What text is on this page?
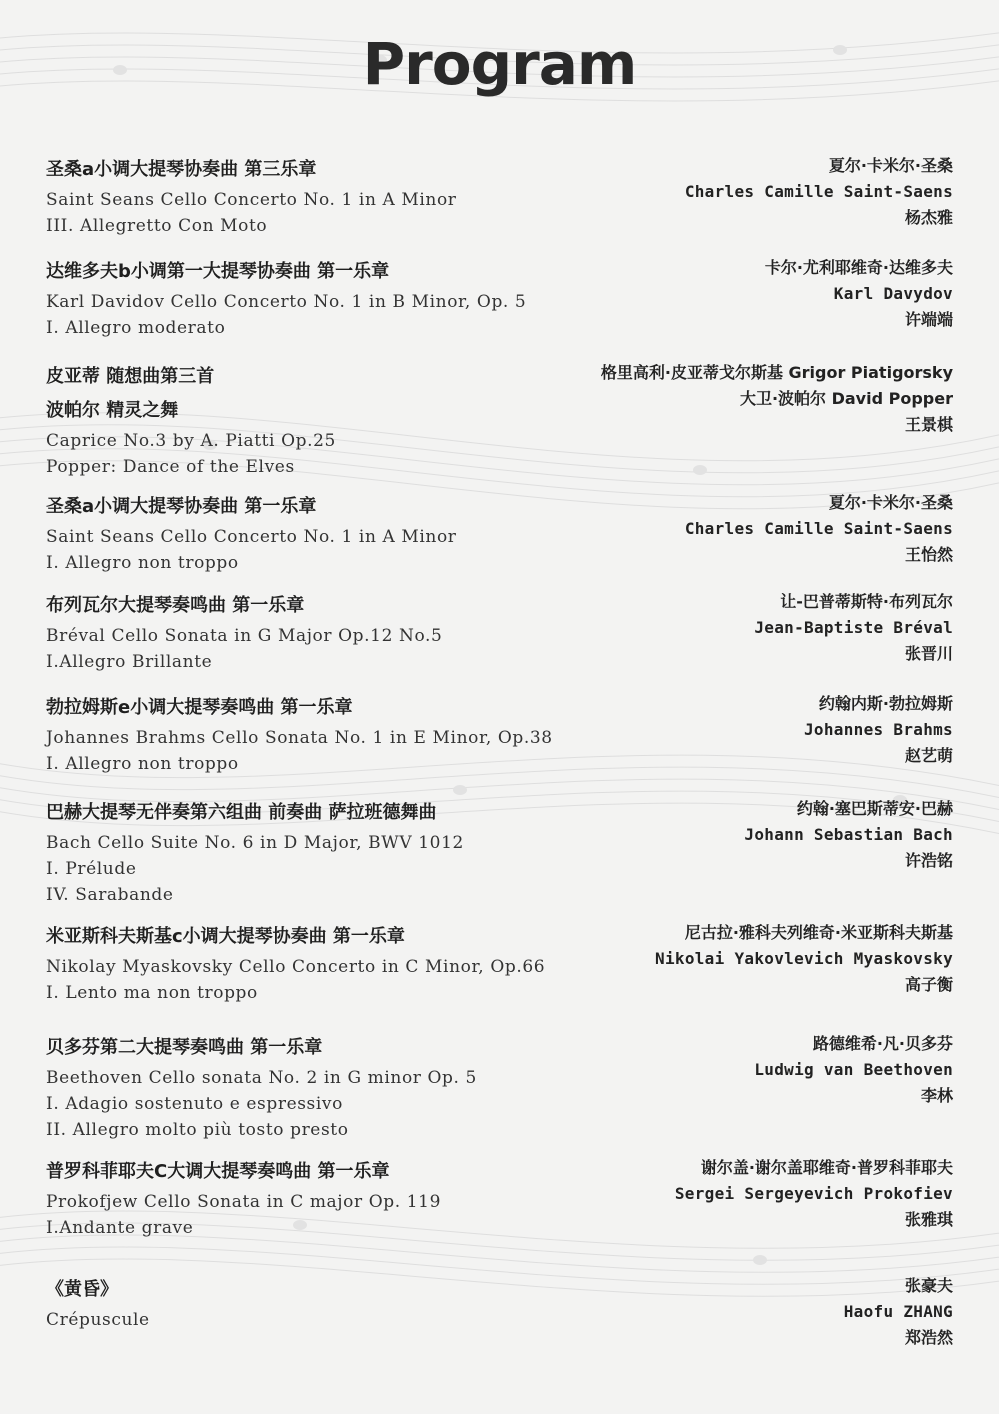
Program
圣桑a小调大提琴协奏曲 第三乐章
Saint Seans Cello Concerto No. 1 in A Minor
III. Allegretto Con Moto
夏尔·卡米尔·圣桑
Charles Camille Saint-Saens
杨杰雅
达维多夫b小调第一大提琴协奏曲 第一乐章
Karl Davidov Cello Concerto No. 1 in B Minor, Op. 5
I. Allegro moderato
卡尔·尤利耶维奇·达维多夫
Karl Davydov
许端端
皮亚蒂 随想曲第三首
波帕尔 精灵之舞
Caprice No.3 by A. Piatti Op.25
Popper: Dance of the Elves
格里高利·皮亚蒂戈尔斯基 Grigor Piatigorsky
大卫·波帕尔 David Popper
王景棋
圣桑a小调大提琴协奏曲 第一乐章
Saint Seans Cello Concerto No. 1 in A Minor
I. Allegro non troppo
夏尔·卡米尔·圣桑
Charles Camille Saint-Saens
王怡然
布列瓦尔大提琴奏鸣曲 第一乐章
Bréval Cello Sonata in G Major Op.12 No.5
I.Allegro Brillante
让-巴普蒂斯特·布列瓦尔
Jean-Baptiste Bréval
张晋川
勃拉姆斯e小调大提琴奏鸣曲 第一乐章
Johannes Brahms Cello Sonata No. 1 in E Minor, Op.38
I. Allegro non troppo
约翰内斯·勃拉姆斯
Johannes Brahms
赵艺萌
巴赫大提琴无伴奏第六组曲 前奏曲 萨拉班德舞曲
Bach Cello Suite No. 6 in D Major, BWV 1012
I. Prélude
IV. Sarabande
约翰·塞巴斯蒂安·巴赫
Johann Sebastian Bach
许浩铭
米亚斯科夫斯基c小调大提琴协奏曲 第一乐章
Nikolay Myaskovsky Cello Concerto in C Minor, Op.66
I. Lento ma non troppo
尼古拉·雅科夫列维奇·米亚斯科夫斯基
Nikolai Yakovlevich Myaskovsky
高子衡
贝多芬第二大提琴奏鸣曲 第一乐章
Beethoven Cello sonata No. 2 in G minor Op. 5
I. Adagio sostenuto e espressivo
II. Allegro molto più tosto presto
路德维希·凡·贝多芬
Ludwig van Beethoven
李林
普罗科菲耶夫C大调大提琴奏鸣曲 第一乐章
Prokofjew Cello Sonata in C major Op. 119
I.Andante grave
谢尔盖·谢尔盖耶维奇·普罗科菲耶夫
Sergei Sergeyevich Prokofiev
张雅琪
《黄昏》
Crépuscule
张豪夫
Haofu ZHANG
郑浩然
